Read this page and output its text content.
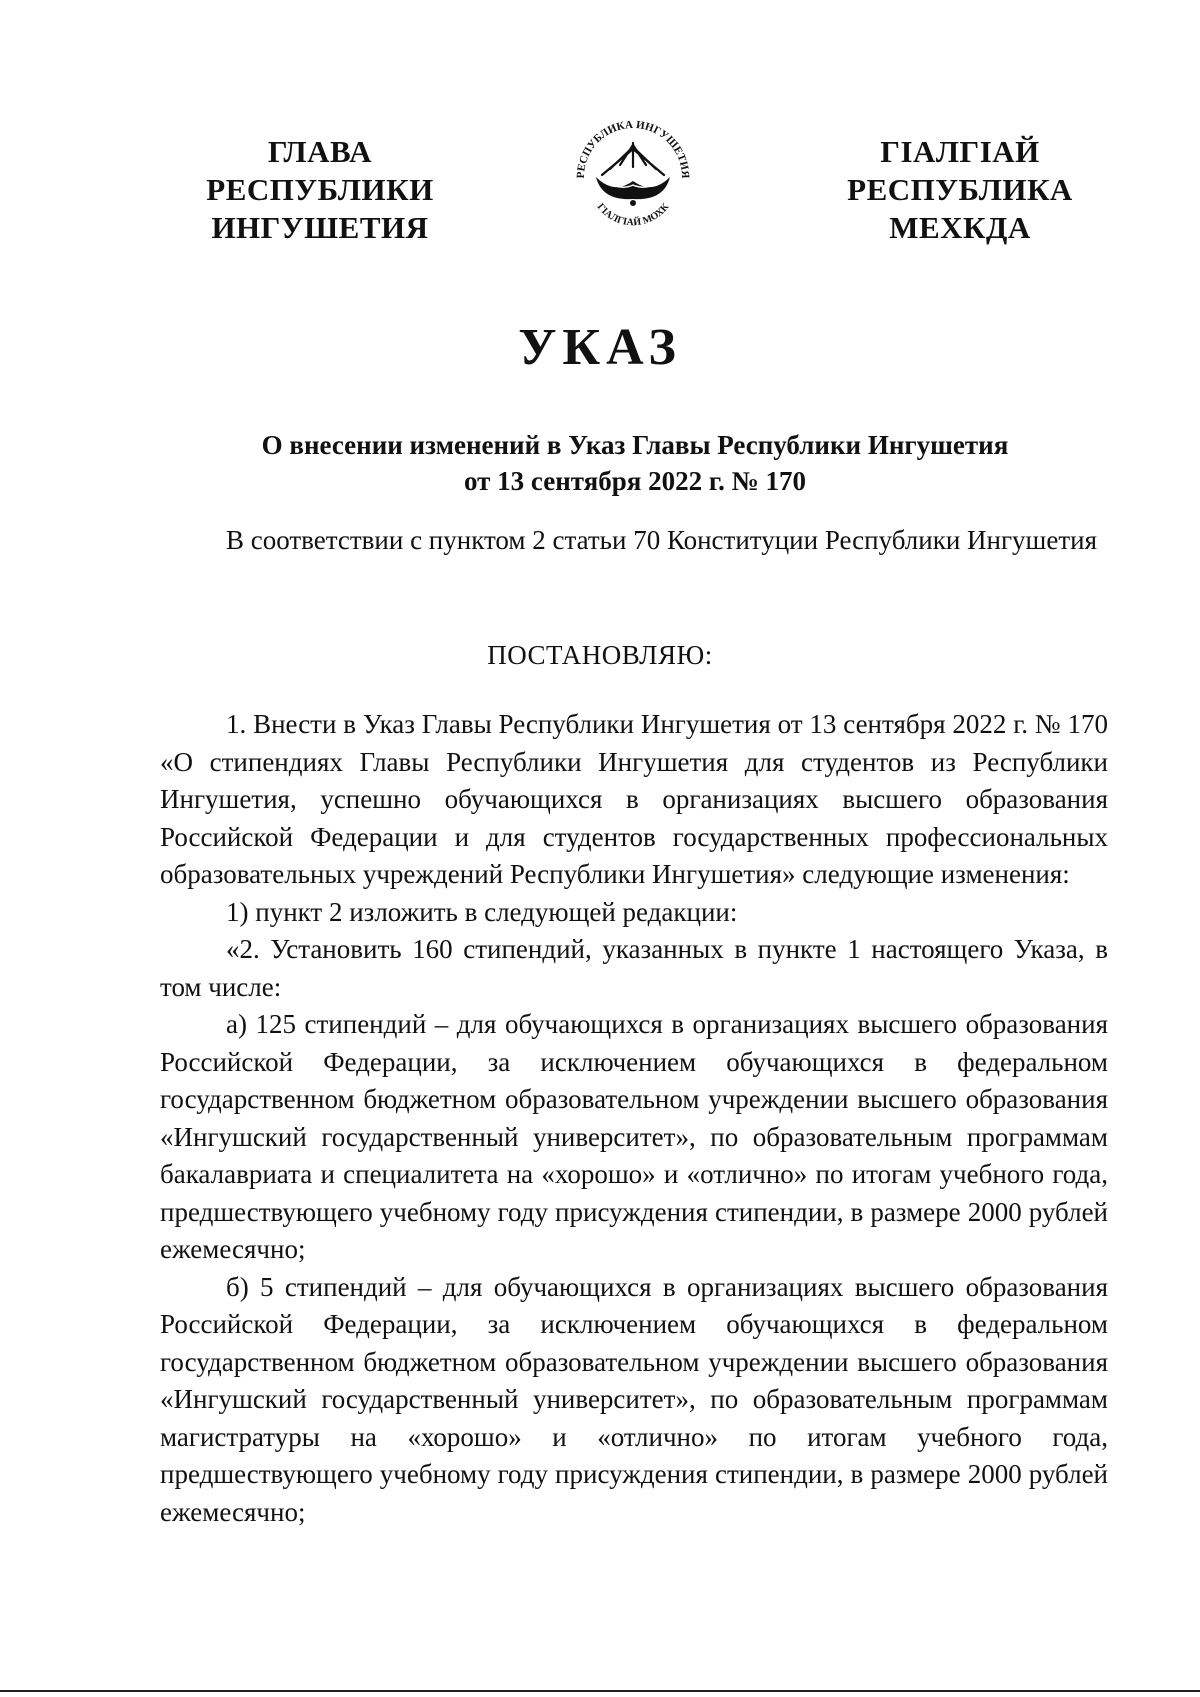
ГЛАВА
РЕСПУБЛИКИ
ИНГУШЕТИЯ
РЕСПУБЛИКА ИНГУШЕТИЯ
ГIАЛГIАЙ МОХК
ГIАЛГIАЙ
РЕСПУБЛИКА
МЕХКДА
УКАЗ
О внесении изменений в Указ Главы Республики Ингушетия
от 13 сентября 2022 г. № 170

В соответствии с пунктом 2 статьи 70 Конституции Республики Ингушетия

ПОСТАНОВЛЯЮ:

1. Внести в Указ Главы Республики Ингушетия от 13 сентября 2022 г. № 170 «О стипендиях Главы Республики Ингушетия для студентов из Республики Ингушетия, успешно обучающихся в организациях высшего образования Российской Федерации и для студентов государственных профессиональных образовательных учреждений Республики Ингушетия» следующие изменения:

1) пункт 2 изложить в следующей редакции:

«2. Установить 160 стипендий, указанных в пункте 1 настоящего Указа, в том числе:

а) 125 стипендий – для обучающихся в организациях высшего образования Российской Федерации, за исключением обучающихся в федеральном государственном бюджетном образовательном учреждении высшего образования «Ингушский государственный университет», по образовательным программам бакалавриата и специалитета на «хорошо» и «отлично» по итогам учебного года, предшествующего учебному году присуждения стипендии, в размере 2000 рублей ежемесячно;

б) 5 стипендий – для обучающихся в организациях высшего образования Российской Федерации, за исключением обучающихся в федеральном государственном бюджетном образовательном учреждении высшего образования «Ингушский государственный университет», по образовательным программам магистратуры на «хорошо» и «отлично» по итогам учебного года, предшествующего учебному году присуждения стипендии, в размере 2000 рублей ежемесячно;
